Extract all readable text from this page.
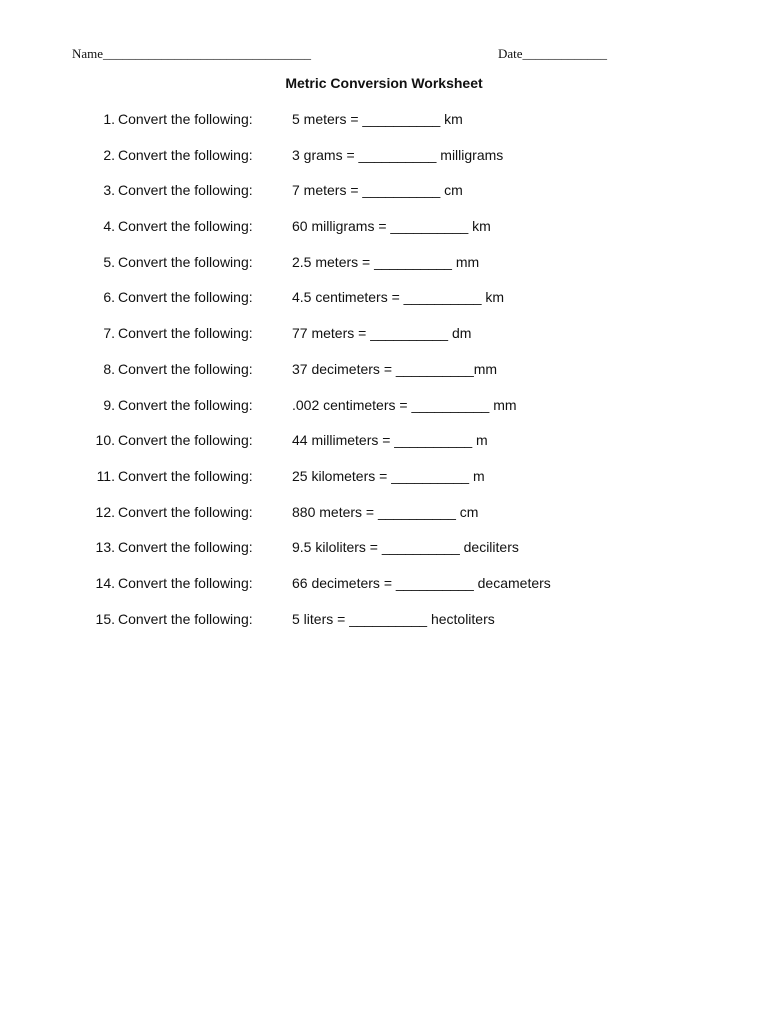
Name________________________________	Date_____________
Metric Conversion Worksheet
1. Convert the following:	5 meters = __________ km
2. Convert the following:	3 grams = __________ milligrams
3. Convert the following:	7 meters = __________ cm
4. Convert the following:	60 milligrams = __________ km
5. Convert the following:	2.5 meters = __________ mm
6. Convert the following:	4.5 centimeters = __________ km
7. Convert the following:	77 meters = __________ dm
8. Convert the following:	37 decimeters = __________mm
9. Convert the following:	.002 centimeters = __________ mm
10. Convert the following:	44 millimeters = __________ m
11. Convert the following:	25 kilometers = __________ m
12. Convert the following:	880 meters = __________ cm
13. Convert the following:	9.5 kiloliters = __________ deciliters
14. Convert the following:	66 decimeters = __________ decameters
15. Convert the following:	5 liters = __________ hectoliters
